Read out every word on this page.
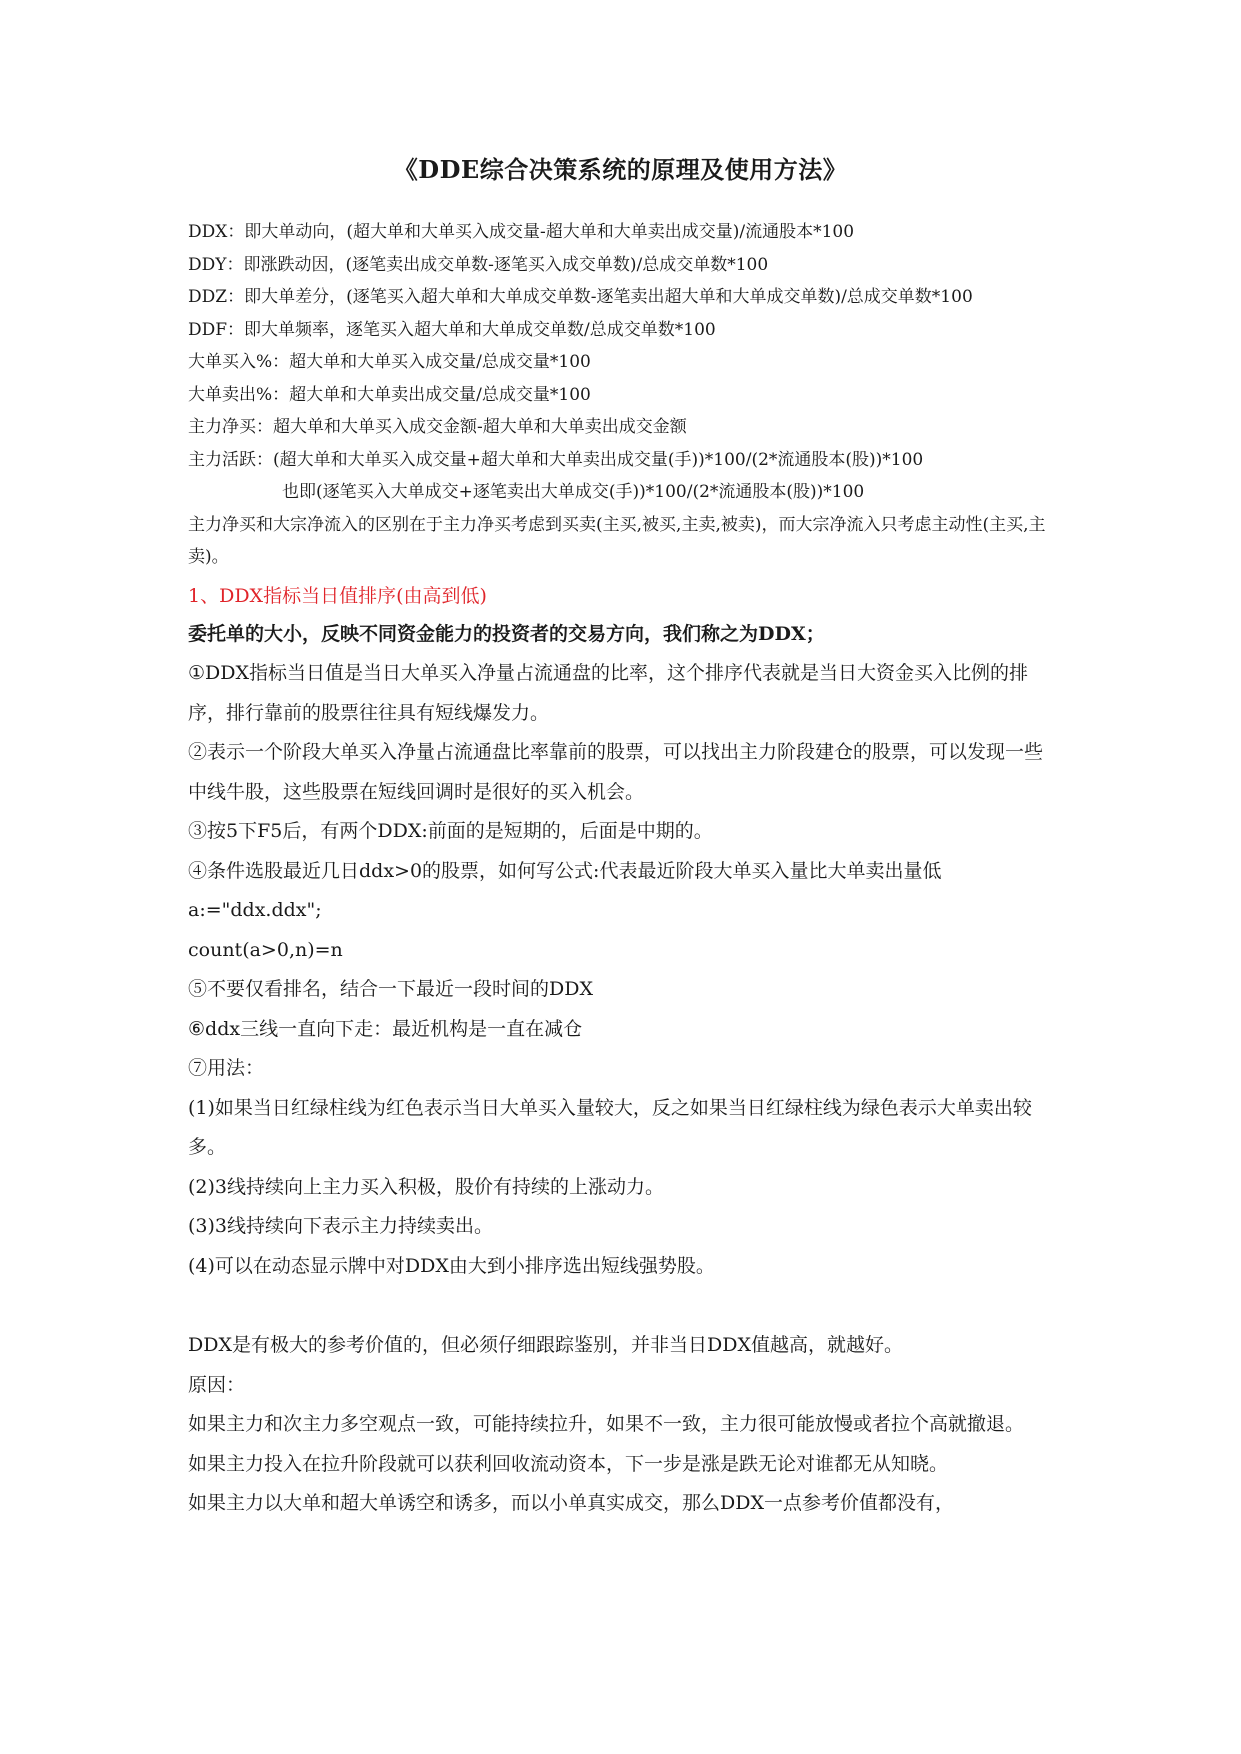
《DDE综合决策系统的原理及使用方法》
DDX：即大单动向，(超大单和大单买入成交量-超大单和大单卖出成交量)/流通股本*100
DDY：即涨跌动因，(逐笔卖出成交单数-逐笔买入成交单数)/总成交单数*100
DDZ：即大单差分，(逐笔买入超大单和大单成交单数-逐笔卖出超大单和大单成交单数)/总成交单数*100
DDF：即大单频率，逐笔买入超大单和大单成交单数/总成交单数*100
大单买入%：超大单和大单买入成交量/总成交量*100
大单卖出%：超大单和大单卖出成交量/总成交量*100
主力净买：超大单和大单买入成交金额-超大单和大单卖出成交金额
主力活跃：(超大单和大单买入成交量+超大单和大单卖出成交量(手))*100/(2*流通股本(股))*100
也即(逐笔买入大单成交+逐笔卖出大单成交(手))*100/(2*流通股本(股))*100
主力净买和大宗净流入的区别在于主力净买考虑到买卖(主买,被买,主卖,被卖)，而大宗净流入只考虑主动性(主买,主卖)。
1、DDX指标当日值排序(由高到低)
委托单的大小，反映不同资金能力的投资者的交易方向，我们称之为DDX；
①DDX指标当日值是当日大单买入净量占流通盘的比率，这个排序代表就是当日大资金买入比例的排序，排行靠前的股票往往具有短线爆发力。
②表示一个阶段大单买入净量占流通盘比率靠前的股票，可以找出主力阶段建仓的股票，可以发现一些中线牛股，这些股票在短线回调时是很好的买入机会。
③按5下F5后，有两个DDX:前面的是短期的，后面是中期的。
④条件选股最近几日ddx>0的股票，如何写公式:代表最近阶段大单买入量比大单卖出量低
a:="ddx.ddx";
count(a>0,n)=n
⑤不要仅看排名，结合一下最近一段时间的DDX
⑥ddx三线一直向下走：最近机构是一直在减仓
⑦用法：
(1)如果当日红绿柱线为红色表示当日大单买入量较大，反之如果当日红绿柱线为绿色表示大单卖出较多。
(2)3线持续向上主力买入积极，股价有持续的上涨动力。
(3)3线持续向下表示主力持续卖出。
(4)可以在动态显示牌中对DDX由大到小排序选出短线强势股。
DDX是有极大的参考价值的，但必须仔细跟踪鉴别，并非当日DDX值越高，就越好。
原因：
如果主力和次主力多空观点一致，可能持续拉升，如果不一致，主力很可能放慢或者拉个高就撤退。
如果主力投入在拉升阶段就可以获利回收流动资本，下一步是涨是跌无论对谁都无从知晓。
如果主力以大单和超大单诱空和诱多，而以小单真实成交，那么DDX一点参考价值都没有，
